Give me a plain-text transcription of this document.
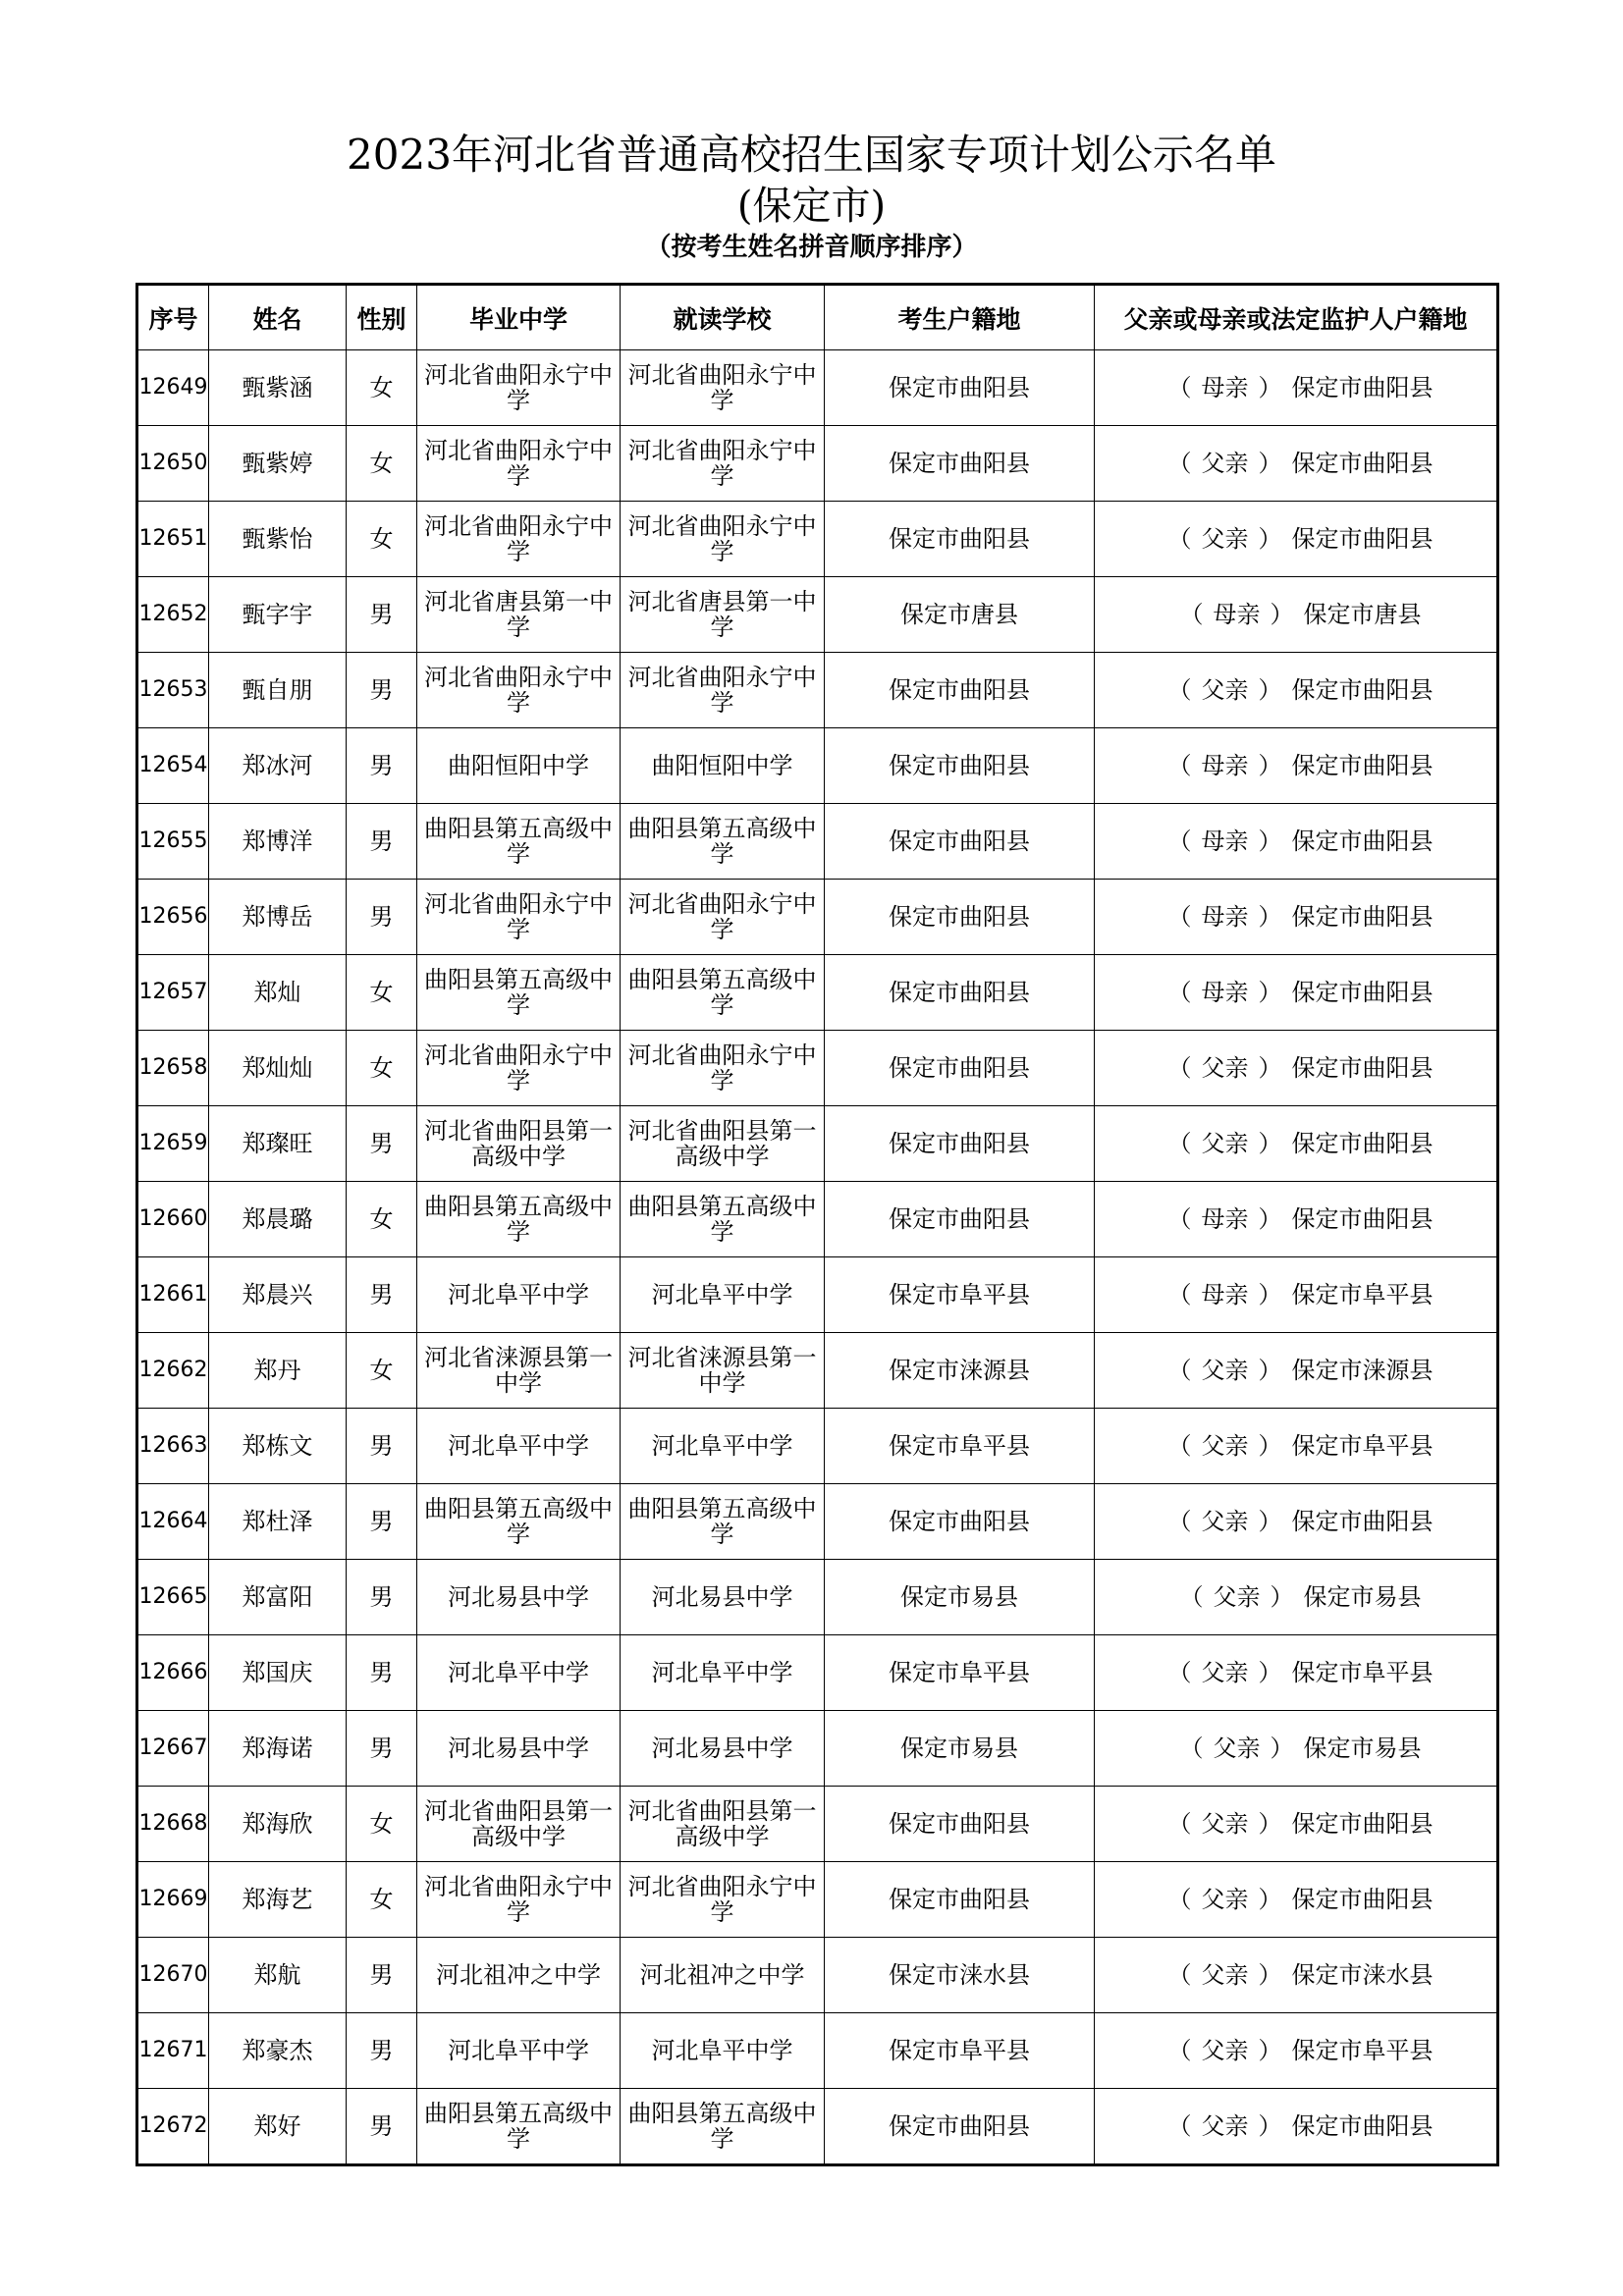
2023年河北省普通高校招生国家专项计划公示名单
(保定市)
（按考生姓名拼音顺序排序）
序号	姓名	性别	毕业中学	就读学校	考生户籍地	父亲或母亲或法定监护人户籍地
12649	甄紫涵	女	河北省曲阳永宁中学	河北省曲阳永宁中学	保定市曲阳县	（ 母亲 ） 保定市曲阳县
12650	甄紫婷	女	河北省曲阳永宁中学	河北省曲阳永宁中学	保定市曲阳县	（ 父亲 ） 保定市曲阳县
12651	甄紫怡	女	河北省曲阳永宁中学	河北省曲阳永宁中学	保定市曲阳县	（ 父亲 ） 保定市曲阳县
12652	甄字宇	男	河北省唐县第一中学	河北省唐县第一中学	保定市唐县	（ 母亲 ） 保定市唐县
12653	甄自朋	男	河北省曲阳永宁中学	河北省曲阳永宁中学	保定市曲阳县	（ 父亲 ） 保定市曲阳县
12654	郑冰河	男	曲阳恒阳中学	曲阳恒阳中学	保定市曲阳县	（ 母亲 ） 保定市曲阳县
12655	郑博洋	男	曲阳县第五高级中学	曲阳县第五高级中学	保定市曲阳县	（ 母亲 ） 保定市曲阳县
12656	郑博岳	男	河北省曲阳永宁中学	河北省曲阳永宁中学	保定市曲阳县	（ 母亲 ） 保定市曲阳县
12657	郑灿	女	曲阳县第五高级中学	曲阳县第五高级中学	保定市曲阳县	（ 母亲 ） 保定市曲阳县
12658	郑灿灿	女	河北省曲阳永宁中学	河北省曲阳永宁中学	保定市曲阳县	（ 父亲 ） 保定市曲阳县
12659	郑璨旺	男	河北省曲阳县第一高级中学	河北省曲阳县第一高级中学	保定市曲阳县	（ 父亲 ） 保定市曲阳县
12660	郑晨璐	女	曲阳县第五高级中学	曲阳县第五高级中学	保定市曲阳县	（ 母亲 ） 保定市曲阳县
12661	郑晨兴	男	河北阜平中学	河北阜平中学	保定市阜平县	（ 母亲 ） 保定市阜平县
12662	郑丹	女	河北省涞源县第一中学	河北省涞源县第一中学	保定市涞源县	（ 父亲 ） 保定市涞源县
12663	郑栋文	男	河北阜平中学	河北阜平中学	保定市阜平县	（ 父亲 ） 保定市阜平县
12664	郑杜泽	男	曲阳县第五高级中学	曲阳县第五高级中学	保定市曲阳县	（ 父亲 ） 保定市曲阳县
12665	郑富阳	男	河北易县中学	河北易县中学	保定市易县	（ 父亲 ） 保定市易县
12666	郑国庆	男	河北阜平中学	河北阜平中学	保定市阜平县	（ 父亲 ） 保定市阜平县
12667	郑海诺	男	河北易县中学	河北易县中学	保定市易县	（ 父亲 ） 保定市易县
12668	郑海欣	女	河北省曲阳县第一高级中学	河北省曲阳县第一高级中学	保定市曲阳县	（ 父亲 ） 保定市曲阳县
12669	郑海艺	女	河北省曲阳永宁中学	河北省曲阳永宁中学	保定市曲阳县	（ 父亲 ） 保定市曲阳县
12670	郑航	男	河北祖冲之中学	河北祖冲之中学	保定市涞水县	（ 父亲 ） 保定市涞水县
12671	郑豪杰	男	河北阜平中学	河北阜平中学	保定市阜平县	（ 父亲 ） 保定市阜平县
12672	郑好	男	曲阳县第五高级中学	曲阳县第五高级中学	保定市曲阳县	（ 父亲 ） 保定市曲阳县
